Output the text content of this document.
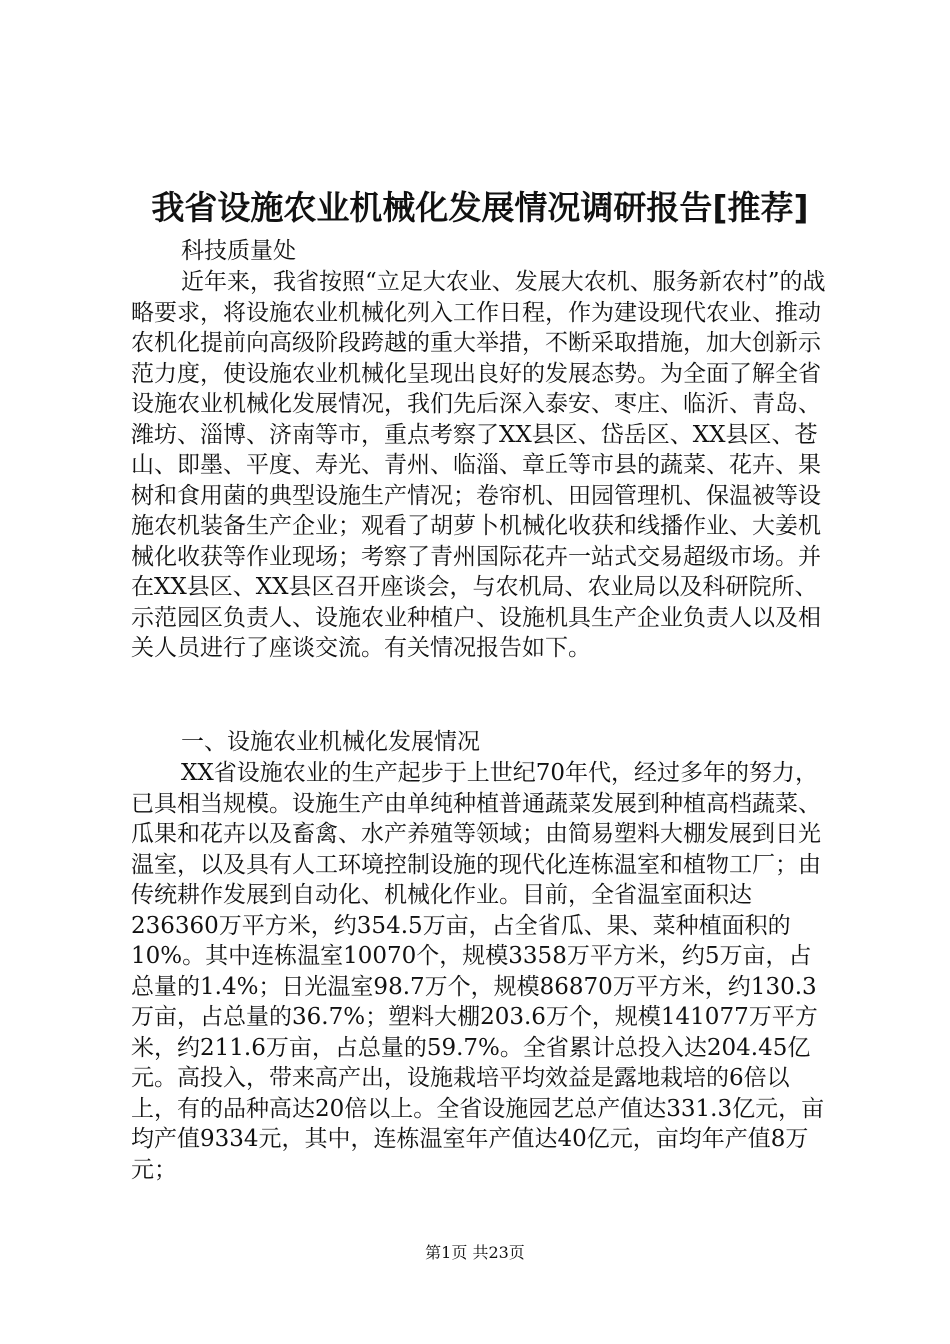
我省设施农业机械化发展情况调研报告[推荐]

科技质量处

近年来，我省按照“立足大农业、发展大农机、服务新农村”的战略要求，将设施农业机械化列入工作日程，作为建设现代农业、推动农机化提前向高级阶段跨越的重大举措，不断采取措施，加大创新示范力度，使设施农业机械化呈现出良好的发展态势。为全面了解全省设施农业机械化发展情况，我们先后深入泰安、枣庄、临沂、青岛、潍坊、淄博、济南等市，重点考察了XX县区、岱岳区、XX县区、苍山、即墨、平度、寿光、青州、临淄、章丘等市县的蔬菜、花卉、果树和食用菌的典型设施生产情况；卷帘机、田园管理机、保温被等设施农机装备生产企业；观看了胡萝卜机械化收获和线播作业、大姜机械化收获等作业现场；考察了青州国际花卉一站式交易超级市场。并在XX县区、XX县区召开座谈会，与农机局、农业局以及科研院所、示范园区负责人、设施农业种植户、设施机具生产企业负责人以及相关人员进行了座谈交流。有关情况报告如下。

一、设施农业机械化发展情况

XX省设施农业的生产起步于上世纪70年代，经过多年的努力，已具相当规模。设施生产由单纯种植普通蔬菜发展到种植高档蔬菜、瓜果和花卉以及畜禽、水产养殖等领域；由简易塑料大棚发展到日光温室，以及具有人工环境控制设施的现代化连栋温室和植物工厂；由传统耕作发展到自动化、机械化作业。目前，全省温室面积达236360万平方米，约354.5万亩，占全省瓜、果、菜种植面积的10%。其中连栋温室10070个，规模3358万平方米，约5万亩，占总量的1.4%；日光温室98.7万个，规模86870万平方米，约130.3万亩，占总量的36.7%；塑料大棚203.6万个，规模141077万平方米，约211.6万亩，占总量的59.7%。全省累计总投入达204.45亿元。高投入，带来高产出，设施栽培平均效益是露地栽培的6倍以上，有的品种高达20倍以上。全省设施园艺总产值达331.3亿元，亩均产值9334元，其中，连栋温室年产值达40亿元，亩均年产值8万元；

第1页 共23页
